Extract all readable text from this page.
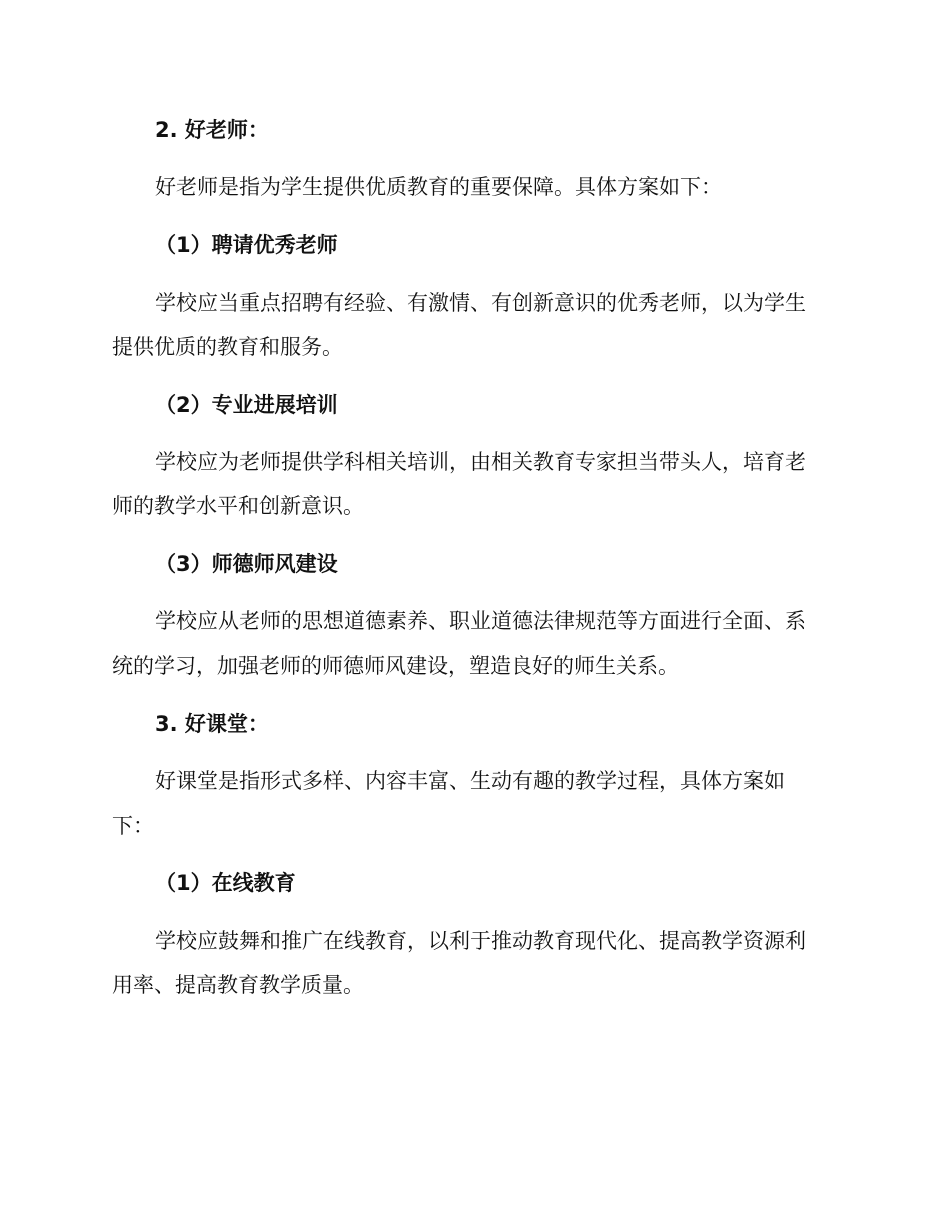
2. 好老师：

好老师是指为学生提供优质教育的重要保障。具体方案如下：

（1）聘请优秀老师

学校应当重点招聘有经验、有激情、有创新意识的优秀老师，以为学生

提供优质的教育和服务。

（2）专业进展培训

学校应为老师提供学科相关培训，由相关教育专家担当带头人，培育老

师的教学水平和创新意识。

（3）师德师风建设

学校应从老师的思想道德素养、职业道德法律规范等方面进行全面、系

统的学习，加强老师的师德师风建设，塑造良好的师生关系。

3. 好课堂：

好课堂是指形式多样、内容丰富、生动有趣的教学过程，具体方案如

下：

（1）在线教育

学校应鼓舞和推广在线教育，以利于推动教育现代化、提高教学资源利

用率、提高教育教学质量。
